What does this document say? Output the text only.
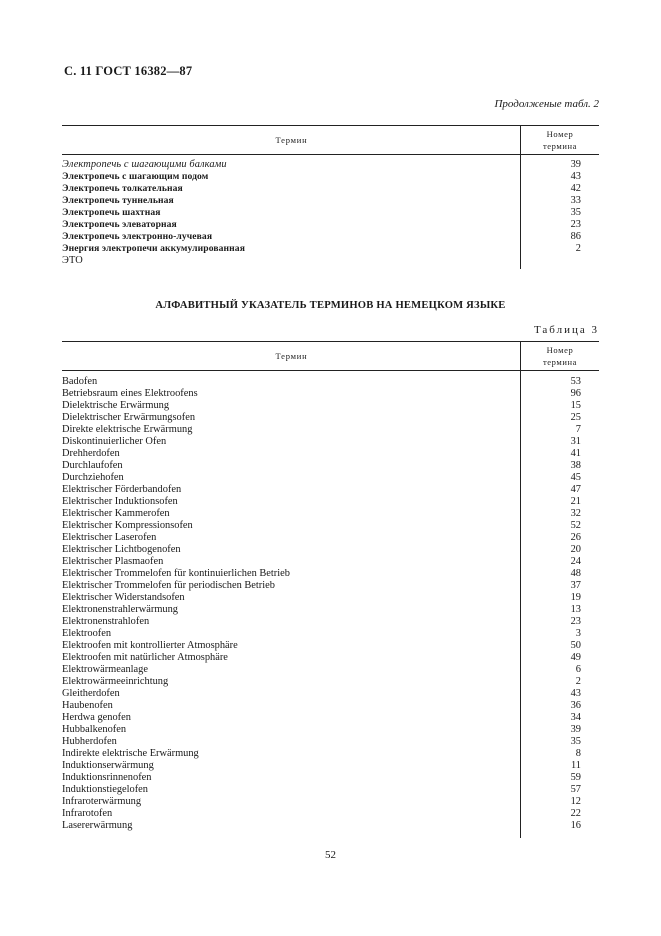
С. 11 ГОСТ 16382—87
Продолженые табл. 2
Термин
Номер
термина
Электропечь с шагающими балками	39
Электропечь с шагающим подом	43
Электропечь толкательная	42
Электропечь туннельная	33
Электропечь шахтная	35
Электропечь элеваторная	23
Электропечь электронно-лучевая	86
Энергия электропечи аккумулированная	2
ЭТО
АЛФАВИТНЫЙ УКАЗАТЕЛЬ ТЕРМИНОВ НА НЕМЕЦКОМ ЯЗЫКЕ
Таблица 3
Термин
Номер
термина
Badofen	53
Betriebsraum eines Elektroofens	96
Dielektrische Erwärmung	15
Dielektrischer Erwärmungsofen	25
Direkte elektrische Erwärmung	7
Diskontinuierlicher Ofen	31
Drehherdofen	41
Durchlaufofen	38
Durchziehofen	45
Elektrischer Förderbandofen	47
Elektrischer Induktionsofen	21
Elektrischer Kammerofen	32
Elektrischer Kompressionsofen	52
Elektrischer Laserofen	26
Elektrischer Lichtbogenofen	20
Elektrischer Plasmaofen	24
Elektrischer Trommelofen für kontinuierlichen Betrieb	48
Elektrischer Trommelofen für periodischen Betrieb	37
Elektrischer Widerstandsofen	19
Elektronenstrahlerwärmung	13
Elektronenstrahlofen	23
Elektroofen	3
Elektroofen mit kontrollierter Atmosphäre	50
Elektroofen mit natürlicher Atmosphäre	49
Elektrowärmeanlage	6
Elektrowärmeeinrichtung	2
Gleitherdofen	43
Haubenofen	36
Herdwa genofen	34
Hubbalkenofen	39
Hubherdofen	35
Indirekte elektrische Erwärmung	8
Induktionserwärmung	11
Induktionsrinnenofen	59
Induktionstiegelofen	57
Infraroterwärmung	12
Infrarotofen	22
Lasererwärmung	16
52
